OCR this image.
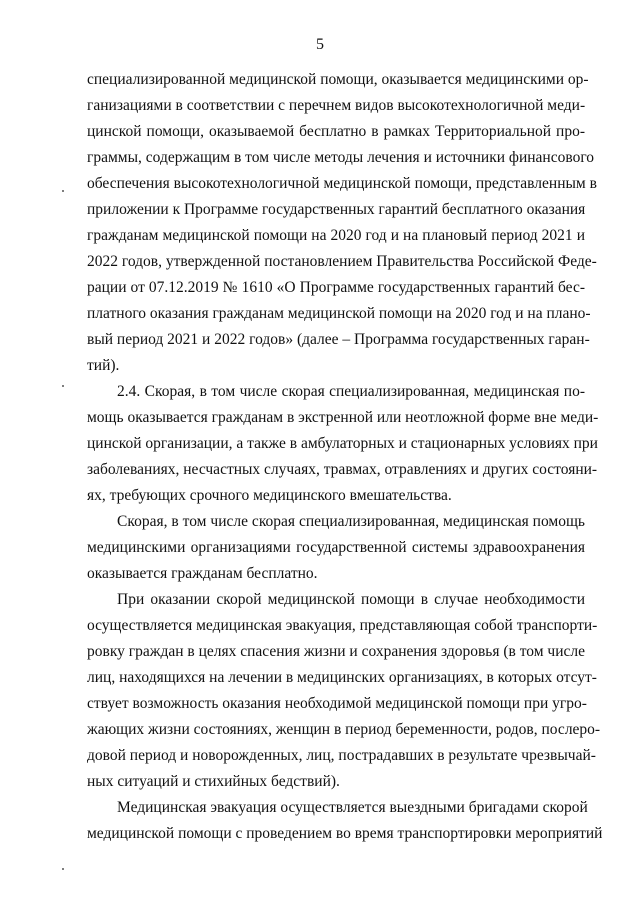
5
специализированной медицинской помощи, оказывается медицинскими ор-
ганизациями в соответствии с перечнем видов высокотехнологичной меди-
цинской помощи, оказываемой бесплатно в рамках Территориальной про-
граммы, содержащим в том числе методы лечения и источники финансового
обеспечения высокотехнологичной медицинской помощи, представленным в
приложении к Программе государственных гарантий бесплатного оказания
гражданам медицинской помощи на 2020 год и на плановый период 2021 и
2022 годов, утвержденной постановлением Правительства Российской Феде-
рации от 07.12.2019 № 1610 «О Программе государственных гарантий бес-
платного оказания гражданам медицинской помощи на 2020 год и на плано-
вый период 2021 и 2022 годов» (далее – Программа государственных гаран-
тий).
2.4. Скорая, в том числе скорая специализированная, медицинская по-
мощь оказывается гражданам в экстренной или неотложной форме вне меди-
цинской организации, а также в амбулаторных и стационарных условиях при
заболеваниях, несчастных случаях, травмах, отравлениях и других состояни-
ях, требующих срочного медицинского вмешательства.
Скорая, в том числе скорая специализированная, медицинская помощь
медицинскими организациями государственной системы здравоохранения
оказывается гражданам бесплатно.
При оказании скорой медицинской помощи в случае необходимости
осуществляется медицинская эвакуация, представляющая собой транспорти-
ровку граждан в целях спасения жизни и сохранения здоровья (в том числе
лиц, находящихся на лечении в медицинских организациях, в которых отсут-
ствует возможность оказания необходимой медицинской помощи при угро-
жающих жизни состояниях, женщин в период беременности, родов, послеро-
довой период и новорожденных, лиц, пострадавших в результате чрезвычай-
ных ситуаций и стихийных бедствий).
Медицинская эвакуация осуществляется выездными бригадами скорой
медицинской помощи с проведением во время транспортировки мероприятий
